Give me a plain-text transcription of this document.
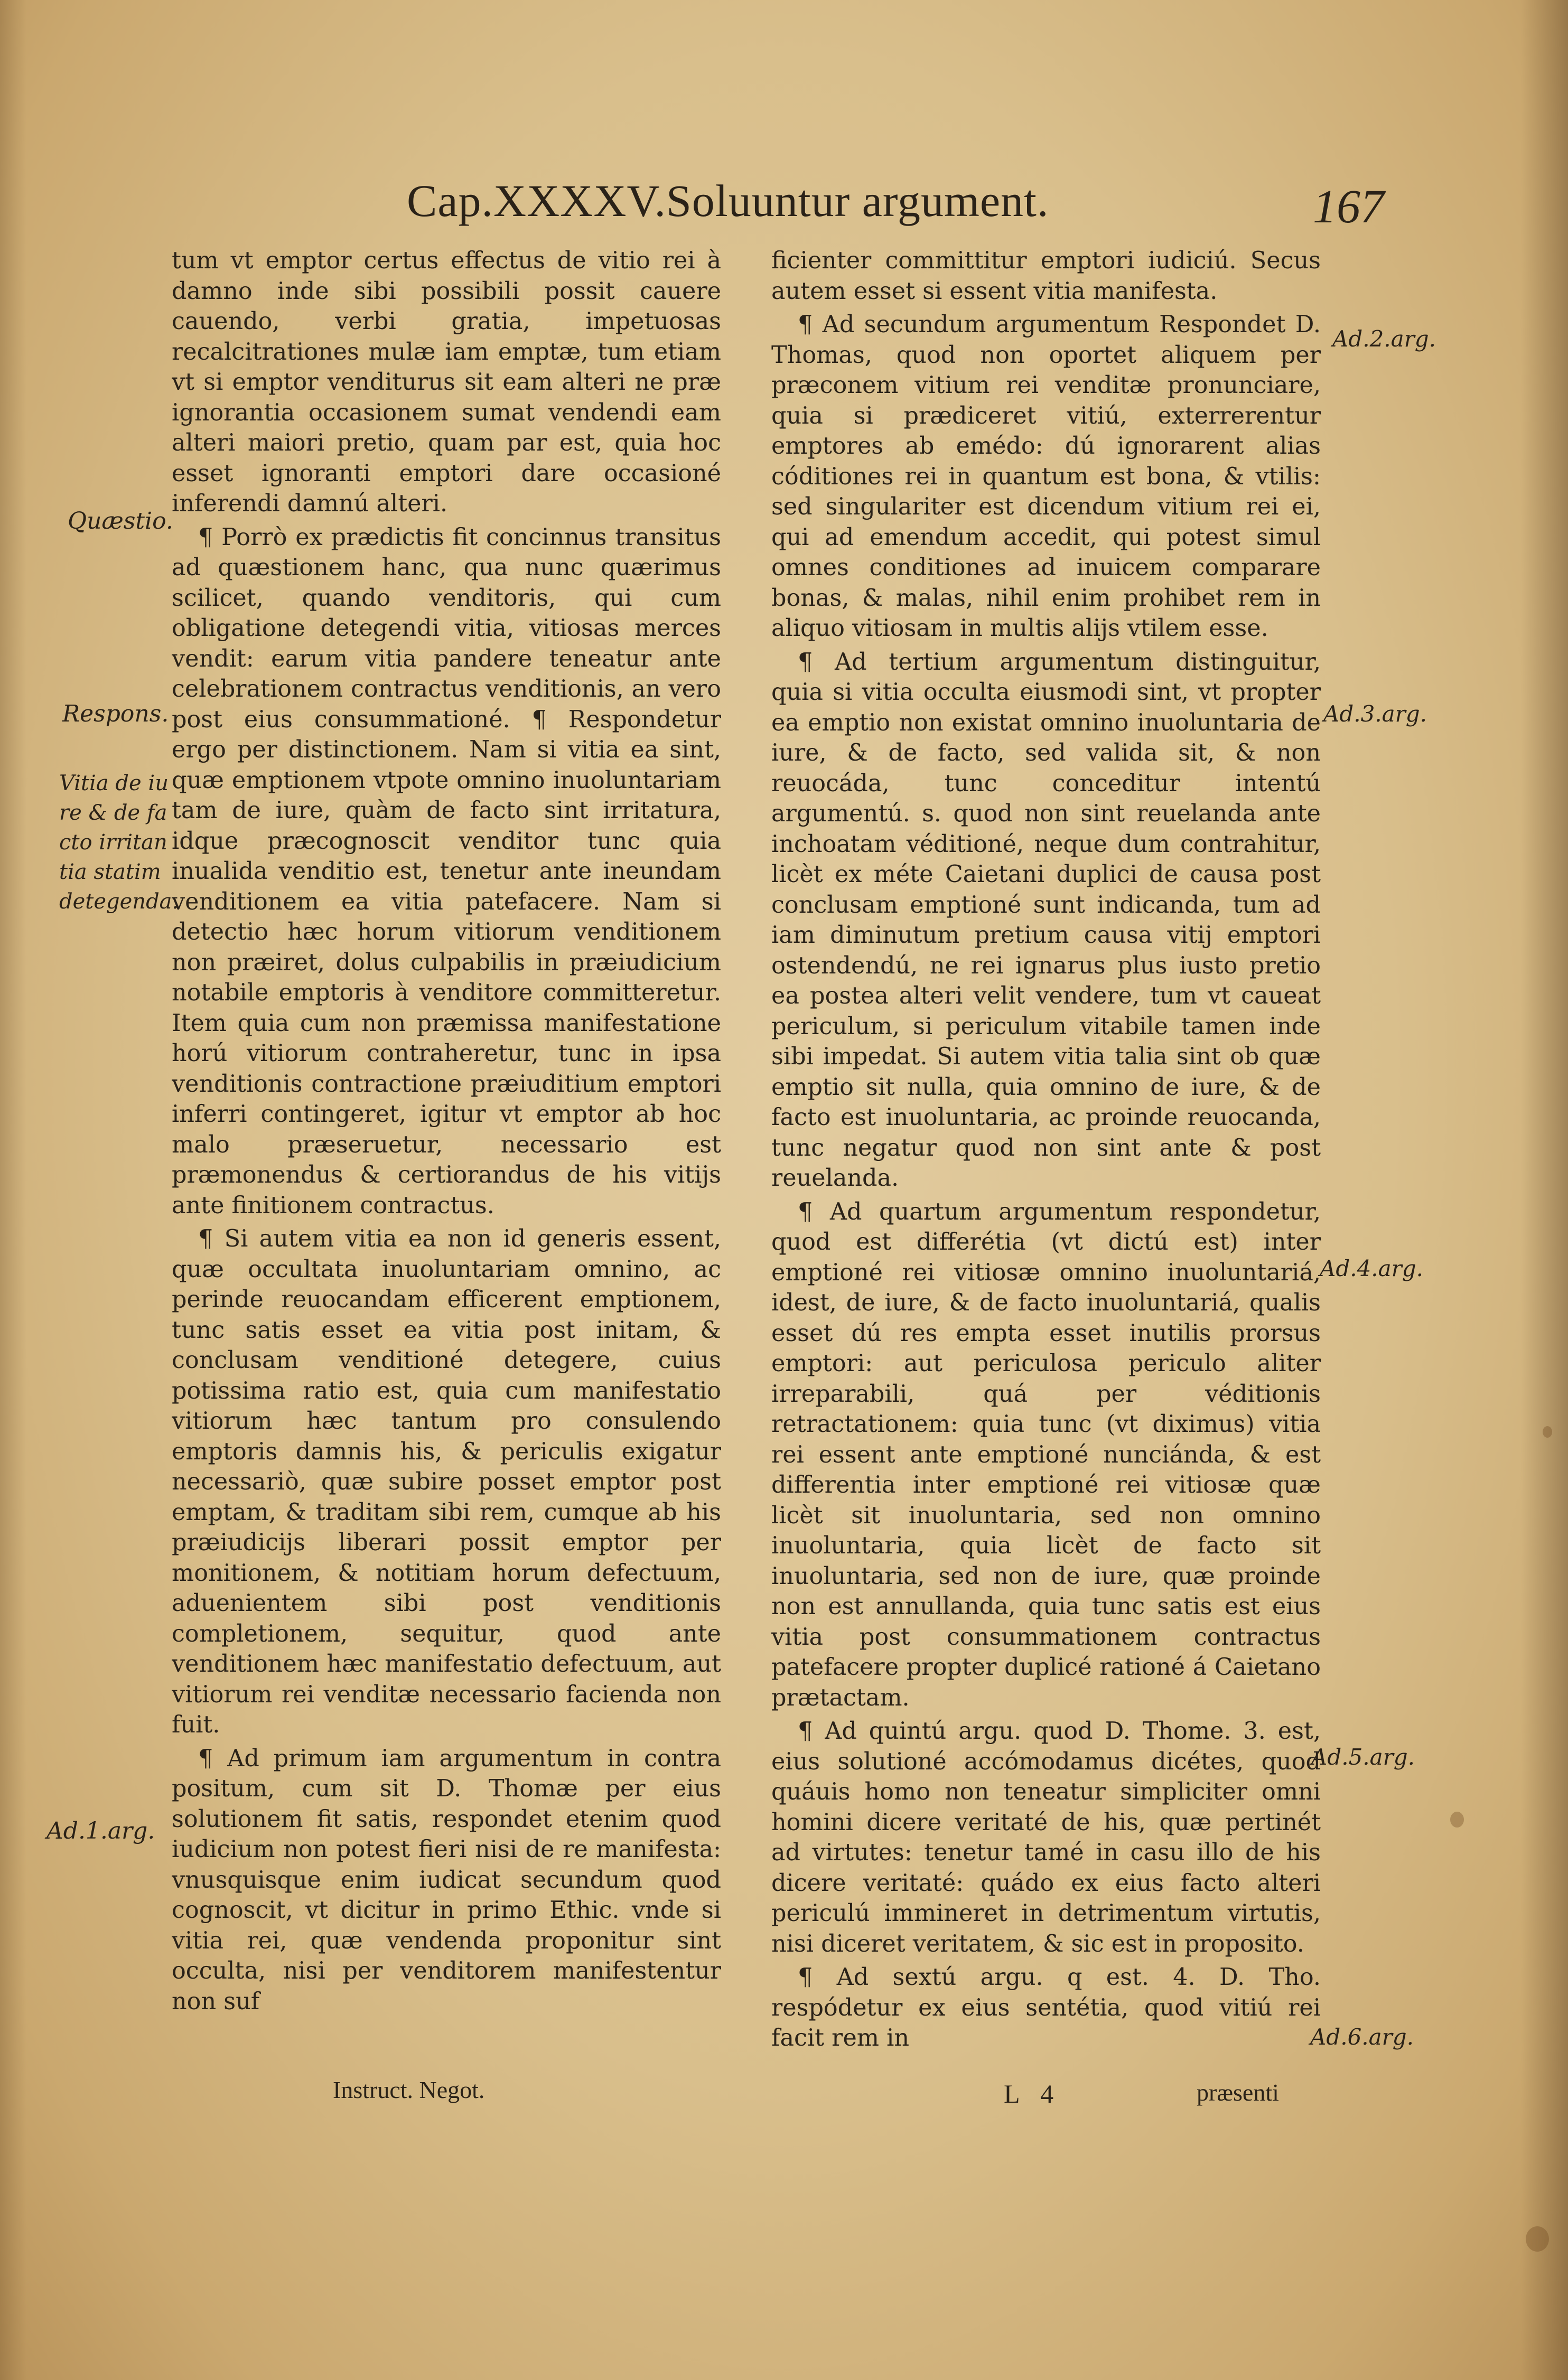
Cap.XXXXV.Soluuntur argument.	167
Quæstio.
Respons.
Vitia de iu
re & de fa
cto irritan
tia statim
detegenda.
Ad.1.arg.
Ad.2.arg.
Ad.3.arg.
Ad.4.arg.
Ad.5.arg.
Ad.6.arg.

tum vt emptor certus effectus de vitio rei à damno inde sibi possibili possit cauere cauendo, verbi gratia, impetuosas recalcitrationes mulæ iam emptæ, tum etiam vt si emptor venditurus sit eam alteri ne præ ignorantia occasionem sumat vendendi eam alteri maiori pretio, quam par est, quia hoc esset ignoranti emptori dare occasioné inferendi damnú alteri.

¶ Porrò ex prædictis fit concinnus transitus ad quæstionem hanc, qua nunc quærimus scilicet, quando venditoris, qui cum obligatione detegendi vitia, vitiosas merces vendit: earum vitia pandere teneatur ante celebrationem contractus venditionis, an vero post eius consummationé. ¶ Respondetur ergo per distinctionem. Nam si vitia ea sint, quæ emptionem vtpote omnino inuoluntariam tam de iure, quàm de facto sint irritatura, idque præcognoscit venditor tunc quia inualida venditio est, tenetur ante ineundam venditionem ea vitia patefacere. Nam si detectio hæc horum vitiorum venditionem non præiret, dolus culpabilis in præiudicium notabile emptoris à venditore committeretur. Item quia cum non præmissa manifestatione horú vitiorum contraheretur, tunc in ipsa venditionis contractione præiuditium emptori inferri contingeret, igitur vt emptor ab hoc malo præseruetur, necessario est præmonendus & certiorandus de his vitijs ante finitionem contractus.

¶ Si autem vitia ea non id generis essent, quæ occultata inuoluntariam omnino, ac perinde reuocandam efficerent emptionem, tunc satis esset ea vitia post initam, & conclusam venditioné detegere, cuius potissima ratio est, quia cum manifestatio vitiorum hæc tantum pro consulendo emptoris damnis his, & periculis exigatur necessariò, quæ subire posset emptor post emptam, & traditam sibi rem, cumque ab his præiudicijs liberari possit emptor per monitionem, & notitiam horum defectuum, aduenientem sibi post venditionis completionem, sequitur, quod ante venditionem hæc manifestatio defectuum, aut vitiorum rei venditæ necessario facienda non fuit.

¶ Ad primum iam argumentum in contra positum, cum sit D. Thomæ per eius solutionem fit satis, respondet etenim quod iudicium non potest fieri nisi de re manifesta: vnusquisque enim iudicat secundum quod cognoscit, vt dicitur in primo Ethic. vnde si vitia rei, quæ vendenda proponitur sint occulta, nisi per venditorem manifestentur non suf

ficienter committitur emptori iudiciú. Secus autem esset si essent vitia manifesta.

¶ Ad secundum argumentum Respondet D. Thomas, quod non oportet aliquem per præconem vitium rei venditæ pronunciare, quia si prædiceret vitiú, exterrerentur emptores ab emédo: dú ignorarent alias códitiones rei in quantum est bona, & vtilis: sed singulariter est dicendum vitium rei ei, qui ad emendum accedit, qui potest simul omnes conditiones ad inuicem comparare bonas, & malas, nihil enim prohibet rem in aliquo vitiosam in multis alijs vtilem esse.

¶ Ad tertium argumentum distinguitur, quia si vitia occulta eiusmodi sint, vt propter ea emptio non existat omnino inuoluntaria de iure, & de facto, sed valida sit, & non reuocáda, tunc conceditur intentú argumentú. s. quod non sint reuelanda ante inchoatam véditioné, neque dum contrahitur, licèt ex méte Caietani duplici de causa post conclusam emptioné sunt indicanda, tum ad iam diminutum pretium causa vitij emptori ostendendú, ne rei ignarus plus iusto pretio ea postea alteri velit vendere, tum vt caueat periculum, si periculum vitabile tamen inde sibi impedat. Si autem vitia talia sint ob quæ emptio sit nulla, quia omnino de iure, & de facto est inuoluntaria, ac proinde reuocanda, tunc negatur quod non sint ante & post reuelanda.

¶ Ad quartum argumentum respondetur, quod est differétia (vt dictú est) inter emptioné rei vitiosæ omnino inuoluntariá, idest, de iure, & de facto inuoluntariá, qualis esset dú res empta esset inutilis prorsus emptori: aut periculosa periculo aliter irreparabili, quá per véditionis retractationem: quia tunc (vt diximus) vitia rei essent ante emptioné nunciánda, & est differentia inter emptioné rei vitiosæ quæ licèt sit inuoluntaria, sed non omnino inuoluntaria, quia licèt de facto sit inuoluntaria, sed non de iure, quæ proinde non est annullanda, quia tunc satis est eius vitia post consummationem contractus patefacere propter duplicé rationé á Caietano prætactam.

¶ Ad quintú argu. quod D. Thome. 3. est, eius solutioné accómodamus dicétes, quod quáuis homo non teneatur simpliciter omni homini dicere veritaté de his, quæ pertinét ad virtutes: tenetur tamé in casu illo de his dicere veritaté: quádo ex eius facto alteri periculú immineret in detrimentum virtutis, nisi diceret veritatem, & sic est in proposito.

¶ Ad sextú argu. q est. 4. D. Tho. respódetur ex eius sentétia, quod vitiú rei facit rem in

Instruct. Negot.	L 4	præsenti
